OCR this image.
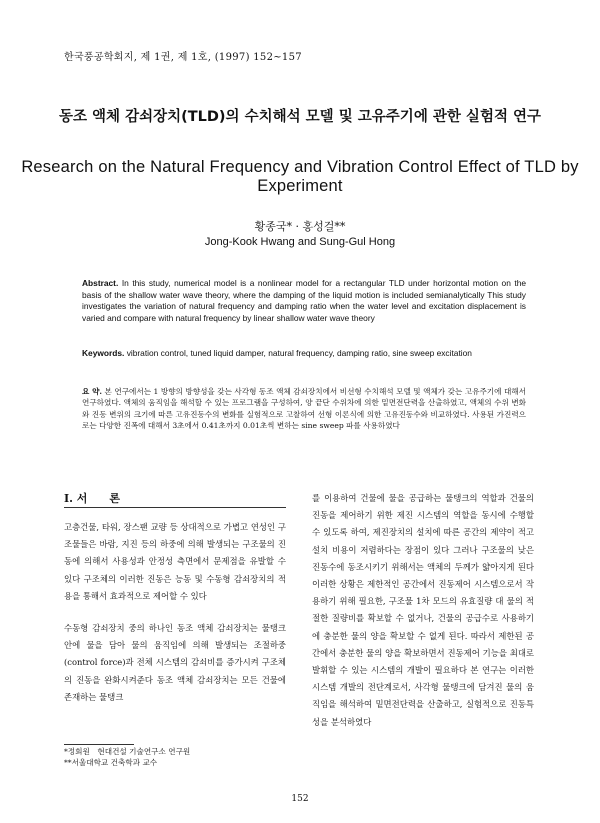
한국풍공학회지, 제 1권, 제 1호, (1997) 152~157
동조 액체 감쇠장치(TLD)의 수치해석 모델 및 고유주기에 관한 실험적 연구
Research on the Natural Frequency and Vibration Control Effect of TLD by Experiment
황종국* · 홍성걸**
Jong-Kook Hwang and Sung-Gul Hong
Abstract. In this study, numerical model is a nonlinear model for a rectangular TLD under horizontal motion on the basis of the shallow water wave theory, where the damping of the liquid motion is included semianalytically This study investigates the variation of natural frequency and damping ratio when the water level and excitation displacement is varied and compare with natural frequency by linear shallow water wave theory
Keywords. vibration control, tuned liquid damper, natural frequency, damping ratio, sine sweep excitation
요 약. 본 연구에서는 1 방향의 방향성을 갖는 사각형 동조 액체 감쇠장치에서 비선형 수치해석 모델 및 액체가 갖는 고유주기에 대해서 연구하였다. 액체의 움직임을 해석할 수 있는 프로그램을 구성하여, 양 끝단 수위차에 의한 밑면전단력을 산출하였고, 액체의 수위 변화와 진동 변위의 크기에 따른 고유진동수의 변화를 실험적으로 고찰하여 선형 이론식에 의한 고유진동수와 비교하였다. 사용된 가진력으로는 다양한 진폭에 대해서 3초에서 0.41초까지 0.01초씩 변하는 sine sweep 파를 사용하였다
I. 서　　론

고층건물, 타워, 장스팬 교량 등 상대적으로 가볍고 연성인 구조물들은 바람, 지진 등의 하중에 의해 발생되는 구조물의 진동에 의해서 사용성과 안정성 측면에서 문제점을 유발할 수 있다 구조체의 이러한 진동은 능동 및 수동형 감쇠장치의 적용을 통해서 효과적으로 제어할 수 있다

수동형 감쇠장치 중의 하나인 동조 액체 감쇠장치는 물탱크 안에 물을 담아 물의 움직임에 의해 발생되는 조절하중(control force)과 전체 시스템의 감쇠비를 증가시켜 구조체의 진동을 완화시켜준다 동조 액체 감쇠장치는 모든 건물에 존재하는 물탱크

를 이용하여 건물에 물을 공급하는 물탱크의 역할과 건물의 진동을 제어하기 위한 제진 시스템의 역할을 동시에 수행할 수 있도록 하여, 제진장치의 설치에 따른 공간의 제약이 적고 설치 비용이 저렴하다는 장점이 있다 그러나 구조물의 낮은 진동수에 동조시키기 위해서는 액체의 두께가 얇아지게 된다 이러한 상황은 제한적인 공간에서 진동제어 시스템으로서 작용하기 위해 필요한, 구조물 1차 모드의 유효질량 대 물의 적절한 질량비를 확보할 수 없거나, 건물의 공급수로 사용하기에 충분한 물의 양을 확보할 수 없게 된다. 따라서 제한된 공간에서 충분한 물의 양을 확보하면서 진동제어 기능을 최대로 발휘할 수 있는 시스템의 개발이 필요하다 본 연구는 이러한 시스템 개발의 전단계로서, 사각형 물탱크에 담겨진 물의 움직임을 해석하여 밑면전단력을 산출하고, 실험적으로 진동특성을 분석하였다

*정회원　현대건설 기술연구소 연구원
**서울대학교 건축학과 교수
152
